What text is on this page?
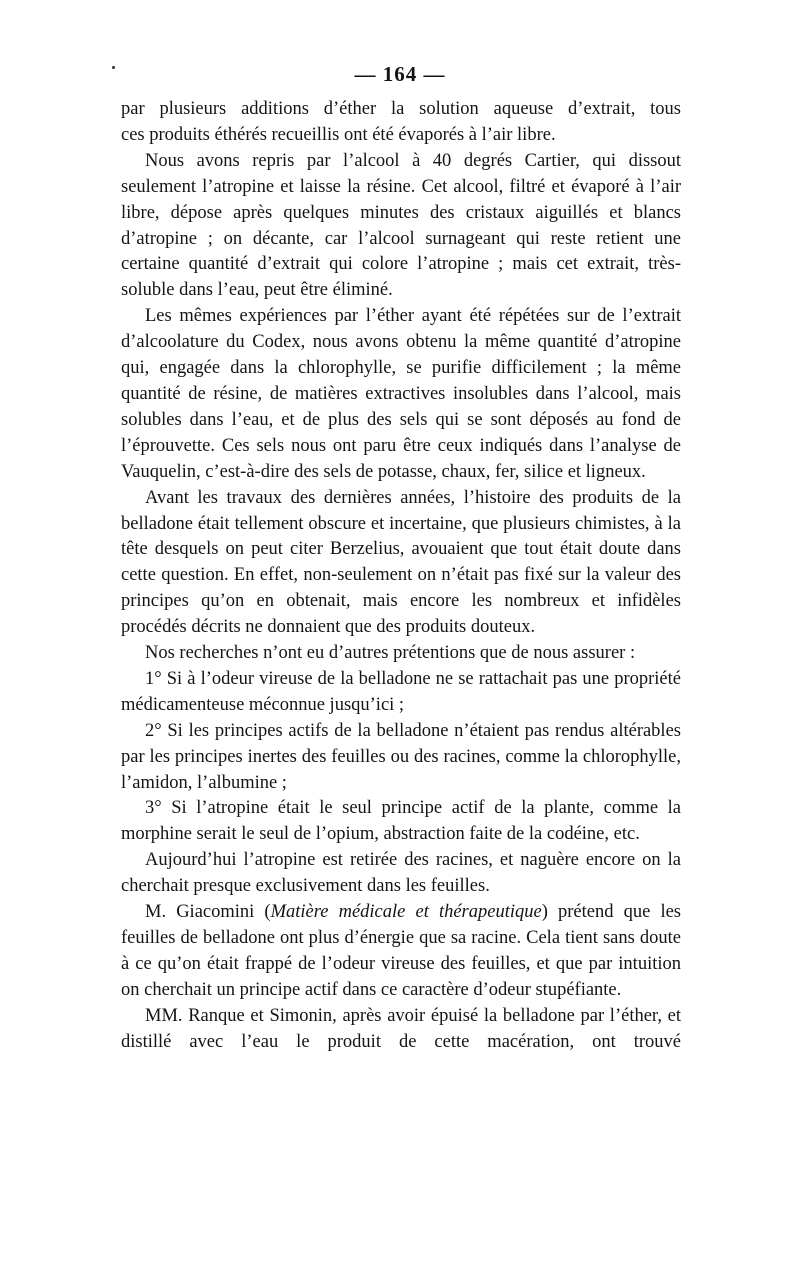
— 164 —

par plusieurs additions d’éther la solution aqueuse d’extrait, tous

ces produits éthérés recueillis ont été évaporés à l’air libre.

Nous avons repris par l’alcool à 40 degrés Cartier, qui dissout seulement l’atropine et laisse la résine. Cet alcool, filtré et évaporé à l’air libre, dépose après quelques minutes des cristaux aiguillés et blancs d’atropine ; on décante, car l’alcool surnageant qui reste retient une certaine quantité d’extrait qui colore l’atropine ; mais cet extrait, très-soluble dans l’eau, peut être éliminé.

Les mêmes expériences par l’éther ayant été répétées sur de l’extrait d’alcoolature du Codex, nous avons obtenu la même quantité d’atropine qui, engagée dans la chlorophylle, se purifie difficilement ; la même quantité de résine, de matières extractives insolubles dans l’alcool, mais solubles dans l’eau, et de plus des sels qui se sont déposés au fond de l’éprouvette. Ces sels nous ont paru être ceux indiqués dans l’analyse de Vauquelin, c’est-à-dire des sels de potasse, chaux, fer, silice et ligneux.

Avant les travaux des dernières années, l’histoire des produits de la belladone était tellement obscure et incertaine, que plusieurs chimistes, à la tête desquels on peut citer Berzelius, avouaient que tout était doute dans cette question. En effet, non-seulement on n’était pas fixé sur la valeur des principes qu’on en obtenait, mais encore les nombreux et infidèles procédés décrits ne donnaient que des produits douteux.

Nos recherches n’ont eu d’autres prétentions que de nous assurer :

1° Si à l’odeur vireuse de la belladone ne se rattachait pas une propriété médicamenteuse méconnue jusqu’ici ;

2° Si les principes actifs de la belladone n’étaient pas rendus altérables par les principes inertes des feuilles ou des racines, comme la chlorophylle, l’amidon, l’albumine ;

3° Si l’atropine était le seul principe actif de la plante, comme la morphine serait le seul de l’opium, abstraction faite de la codéine, etc.

Aujourd’hui l’atropine est retirée des racines, et naguère encore on la cherchait presque exclusivement dans les feuilles.

M. Giacomini (Matière médicale et thérapeutique) prétend que les feuilles de belladone ont plus d’énergie que sa racine. Cela tient sans doute à ce qu’on était frappé de l’odeur vireuse des feuilles, et que par intuition on cherchait un principe actif dans ce caractère d’odeur stupéfiante.

MM. Ranque et Simonin, après avoir épuisé la belladone par l’éther, et distillé avec l’eau le produit de cette macération, ont trouvé
